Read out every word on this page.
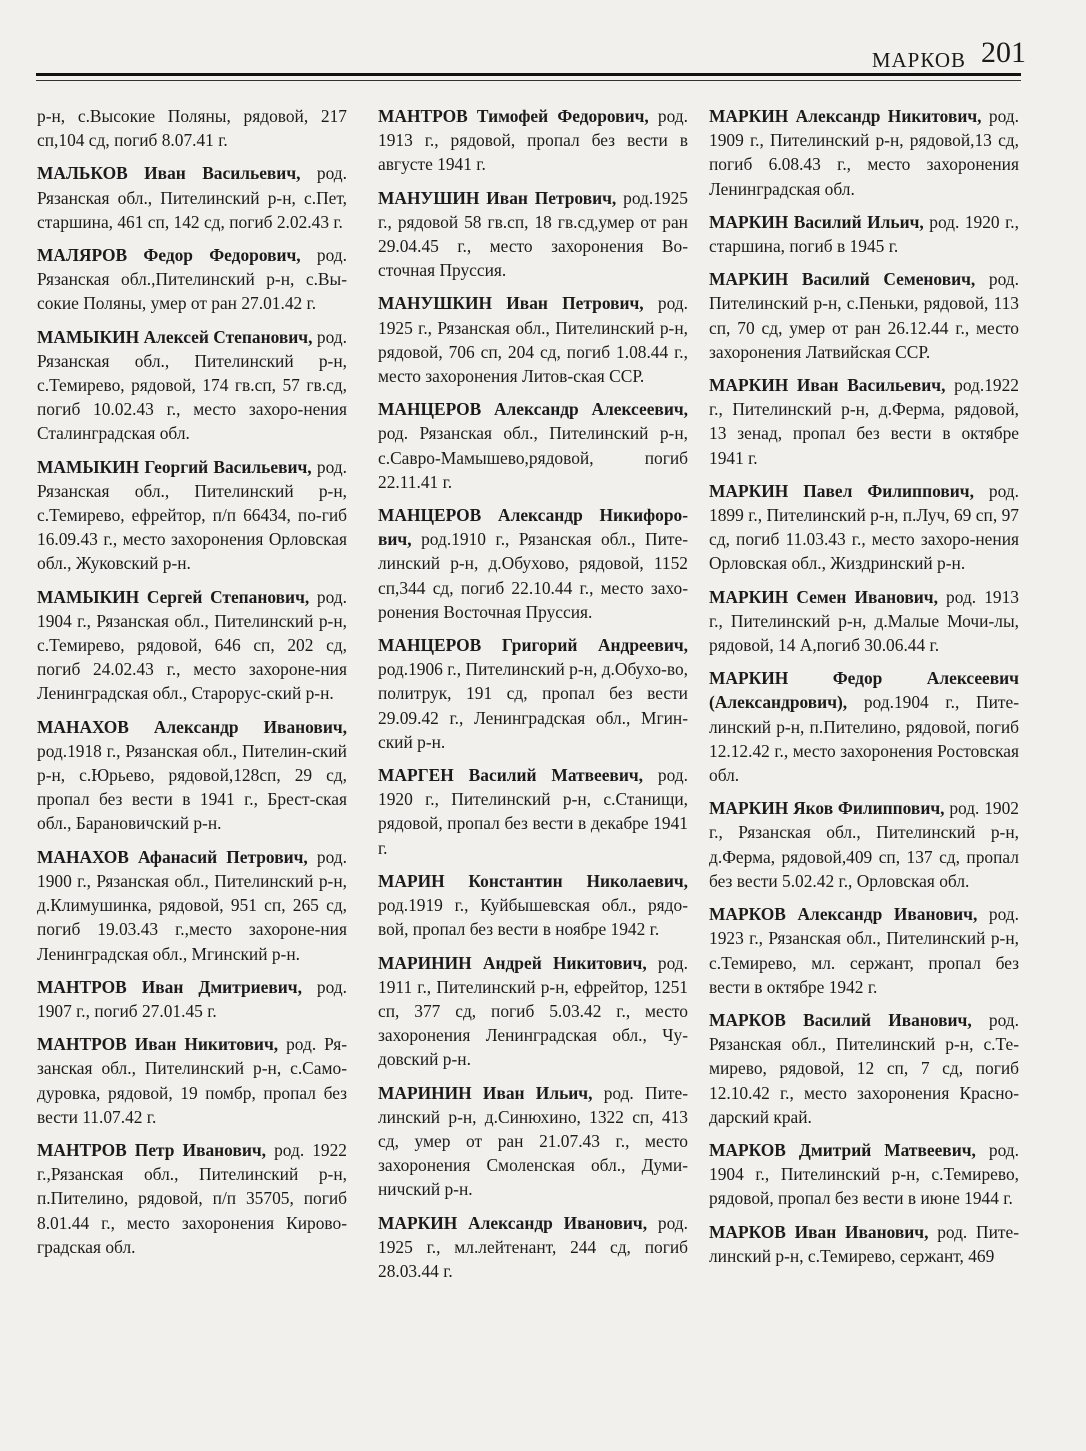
МАРКОВ 201

р-н, с.Высокие Поляны, рядовой, 217 сп,104 сд, погиб 8.07.41 г.

МАЛЬКОВ Иван Васильевич, род. Рязанская обл., Пителинский р-н, с.Пет, старшина, 461 сп, 142 сд, погиб 2.02.43 г.

МАЛЯРОВ Федор Федорович, род. Рязанская обл.,Пителинский р-н, с.Вы-сокие Поляны, умер от ран 27.01.42 г.

МАМЫКИН Алексей Степанович, род. Рязанская обл., Пителинский р-н, с.Темирево, рядовой, 174 гв.сп, 57 гв.сд, погиб 10.02.43 г., место захоро-нения Сталинградская обл.

МАМЫКИН Георгий Васильевич, род. Рязанская обл., Пителинский р-н, с.Темирево, ефрейтор, п/п 66434, по-гиб 16.09.43 г., место захоронения Орловская обл., Жуковский р-н.

МАМЫКИН Сергей Степанович, род. 1904 г., Рязанская обл., Пителинский р-н, с.Темирево, рядовой, 646 сп, 202 сд, погиб 24.02.43 г., место захороне-ния Ленинградская обл., Старорус-ский р-н.

МАНАХОВ Александр Иванович, род.1918 г., Рязанская обл., Пителин-ский р-н, с.Юрьево, рядовой,128сп, 29 сд, пропал без вести в 1941 г., Брест-ская обл., Барановичский р-н.

МАНАХОВ Афанасий Петрович, род. 1900 г., Рязанская обл., Пителинский р-н, д.Климушинка, рядовой, 951 сп, 265 сд, погиб 19.03.43 г.,место захороне-ния Ленинградская обл., Мгинский р-н.

МАНТРОВ Иван Дмитриевич, род. 1907 г., погиб 27.01.45 г.

МАНТРОВ Иван Никитович, род. Ря-занская обл., Пителинский р-н, с.Само-дуровка, рядовой, 19 помбр, пропал без вести 11.07.42 г.

МАНТРОВ Петр Иванович, род. 1922 г.,Рязанская обл., Пителинский р-н, п.Пителино, рядовой, п/п 35705, погиб 8.01.44 г., место захоронения Кирово-градская обл.

МАНТРОВ Тимофей Федорович, род. 1913 г., рядовой, пропал без вести в августе 1941 г.

МАНУШИН Иван Петрович, род.1925 г., рядовой 58 гв.сп, 18 гв.сд,умер от ран 29.04.45 г., место захоронения Во-сточная Пруссия.

МАНУШКИН Иван Петрович, род. 1925 г., Рязанская обл., Пителинский р-н, рядовой, 706 сп, 204 сд, погиб 1.08.44 г., место захоронения Литов-ская ССР.

МАНЦЕРОВ Александр Алексеевич, род. Рязанская обл., Пителинский р-н, с.Савро-Мамышево,рядовой, погиб 22.11.41 г.

МАНЦЕРОВ Александр Никифоро-вич, род.1910 г., Рязанская обл., Пите-линский р-н, д.Обухово, рядовой, 1152 сп,344 сд, погиб 22.10.44 г., место захо-ронения Восточная Пруссия.

МАНЦЕРОВ Григорий Андреевич, род.1906 г., Пителинский р-н, д.Обухо-во, политрук, 191 сд, пропал без вести 29.09.42 г., Ленинградская обл., Мгин-ский р-н.

МАРГЕН Василий Матвеевич, род. 1920 г., Пителинский р-н, с.Станищи, рядовой, пропал без вести в декабре 1941 г.

МАРИН Константин Николаевич, род.1919 г., Куйбышевская обл., рядо-вой, пропал без вести в ноябре 1942 г.

МАРИНИН Андрей Никитович, род. 1911 г., Пителинский р-н, ефрейтор, 1251 сп, 377 сд, погиб 5.03.42 г., место захоронения Ленинградская обл., Чу-довский р-н.

МАРИНИН Иван Ильич, род. Пите-линский р-н, д.Синюхино, 1322 сп, 413 сд, умер от ран 21.07.43 г., место захоронения Смоленская обл., Думи-ничский р-н.

МАРКИН Александр Иванович, род. 1925 г., мл.лейтенант, 244 сд, погиб 28.03.44 г.

МАРКИН Александр Никитович, род. 1909 г., Пителинский р-н, рядовой,13 сд, погиб 6.08.43 г., место захоронения Ленинградская обл.

МАРКИН Василий Ильич, род. 1920 г., старшина, погиб в 1945 г.

МАРКИН Василий Семенович, род. Пителинский р-н, с.Пеньки, рядовой, 113 сп, 70 сд, умер от ран 26.12.44 г., место захоронения Латвийская ССР.

МАРКИН Иван Васильевич, род.1922 г., Пителинский р-н, д.Ферма, рядовой, 13 зенад, пропал без вести в октябре 1941 г.

МАРКИН Павел Филиппович, род. 1899 г., Пителинский р-н, п.Луч, 69 сп, 97 сд, погиб 11.03.43 г., место захоро-нения Орловская обл., Жиздринский р-н.

МАРКИН Семен Иванович, род. 1913 г., Пителинский р-н, д.Малые Мочи-лы, рядовой, 14 А,погиб 30.06.44 г.

МАРКИН Федор Алексеевич (Александрович), род.1904 г., Пите-линский р-н, п.Пителино, рядовой, погиб 12.12.42 г., место захоронения Ростовская обл.

МАРКИН Яков Филиппович, род. 1902 г., Рязанская обл., Пителинский р-н, д.Ферма, рядовой,409 сп, 137 сд, пропал без вести 5.02.42 г., Орловская обл.

МАРКОВ Александр Иванович, род. 1923 г., Рязанская обл., Пителинский р-н, с.Темирево, мл. сержант, пропал без вести в октябре 1942 г.

МАРКОВ Василий Иванович, род. Рязанская обл., Пителинский р-н, с.Те-мирево, рядовой, 12 сп, 7 сд, погиб 12.10.42 г., место захоронения Красно-дарский край.

МАРКОВ Дмитрий Матвеевич, род. 1904 г., Пителинский р-н, с.Темирево, рядовой, пропал без вести в июне 1944 г.

МАРКОВ Иван Иванович, род. Пите-линский р-н, с.Темирево, сержант, 469
